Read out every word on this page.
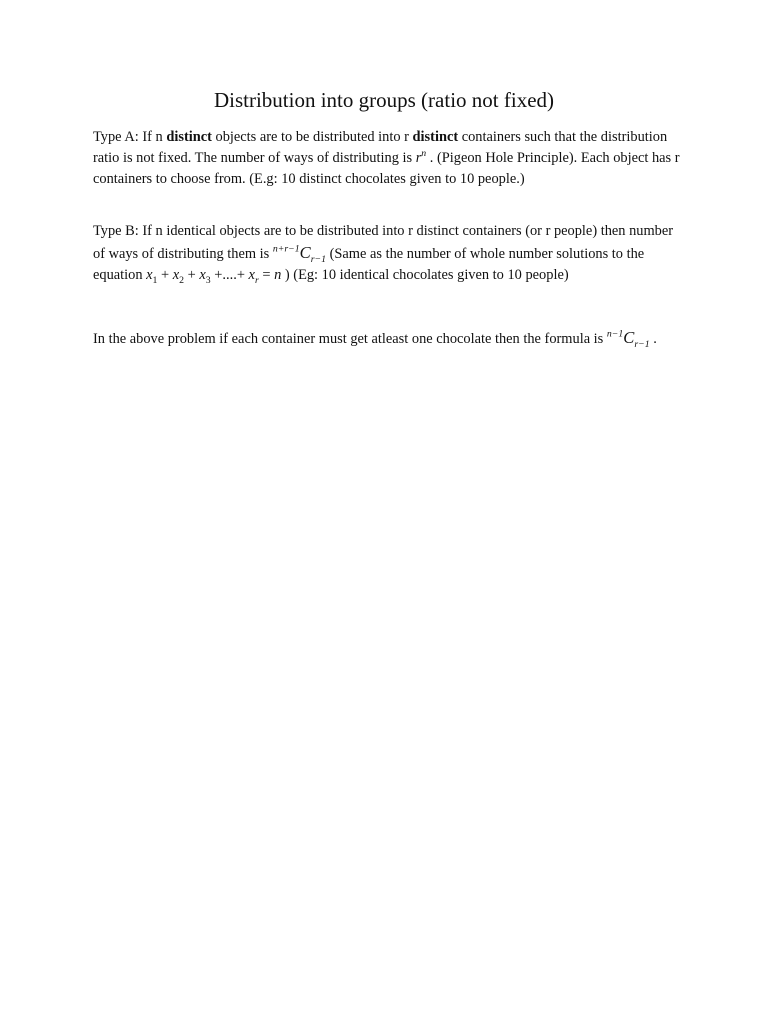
Distribution into groups (ratio not fixed)

Type A: If n distinct objects are to be distributed into r distinct containers such that the distribution ratio is not fixed. The number of ways of distributing is $r^n$ . (Pigeon Hole Principle). Each object has r containers to choose from. (E.g: 10 distinct chocolates given to 10 people.)

Type B: If n identical objects are to be distributed into r distinct containers (or r people) then number of ways of distributing them is $^{n+r-1}C_{r-1}$ (Same as the number of whole number solutions to the equation $x_1 + x_2 + x_3$ +....+ $x_r = n$ ) (Eg: 10 identical chocolates given to 10 people)

In the above problem if each container must get atleast one chocolate then the formula is $^{n-1}C_{r-1}$ .
